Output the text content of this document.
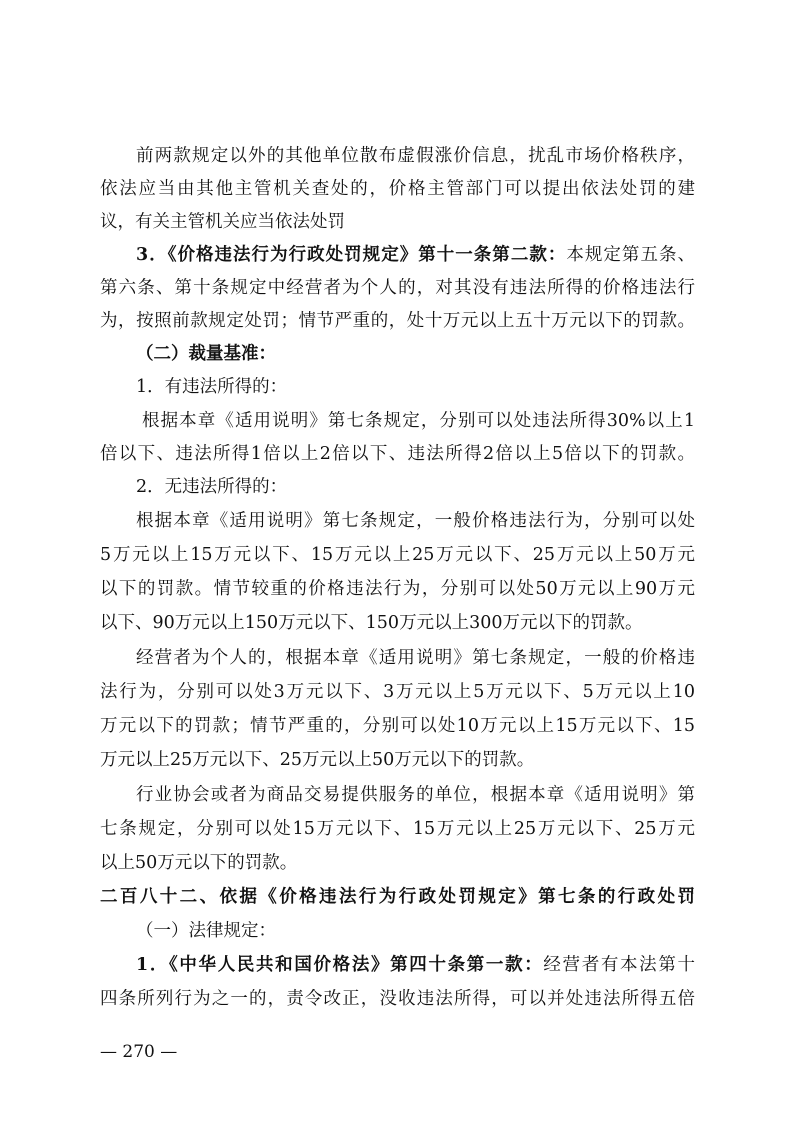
前两款规定以外的其他单位散布虚假涨价信息，扰乱市场价格秩序，
依法应当由其他主管机关查处的，价格主管部门可以提出依法处罚的建
议，有关主管机关应当依法处罚
3．《价格违法行为行政处罚规定》第十一条第二款：本规定第五条、
第六条、第十条规定中经营者为个人的，对其没有违法所得的价格违法行
为，按照前款规定处罚；情节严重的，处十万元以上五十万元以下的罚款。
（二）裁量基准：
1．有违法所得的：
根据本章《适用说明》第七条规定，分别可以处违法所得30%以上1
倍以下、违法所得1倍以上2倍以下、违法所得2倍以上5倍以下的罚款。
2．无违法所得的：
根据本章《适用说明》第七条规定，一般价格违法行为，分别可以处
5万元以上15万元以下、15万元以上25万元以下、25万元以上50万元
以下的罚款。情节较重的价格违法行为，分别可以处50万元以上90万元
以下、90万元以上150万元以下、150万元以上300万元以下的罚款。
经营者为个人的，根据本章《适用说明》第七条规定，一般的价格违
法行为，分别可以处3万元以下、3万元以上5万元以下、5万元以上10
万元以下的罚款；情节严重的，分别可以处10万元以上15万元以下、15
万元以上25万元以下、25万元以上50万元以下的罚款。
行业协会或者为商品交易提供服务的单位，根据本章《适用说明》第
七条规定，分别可以处15万元以下、15万元以上25万元以下、25万元
以上50万元以下的罚款。
二百八十二、依据《价格违法行为行政处罚规定》第七条的行政处罚
（一）法律规定：
1．《中华人民共和国价格法》第四十条第一款：经营者有本法第十
四条所列行为之一的，责令改正，没收违法所得，可以并处违法所得五倍
— 270 —
